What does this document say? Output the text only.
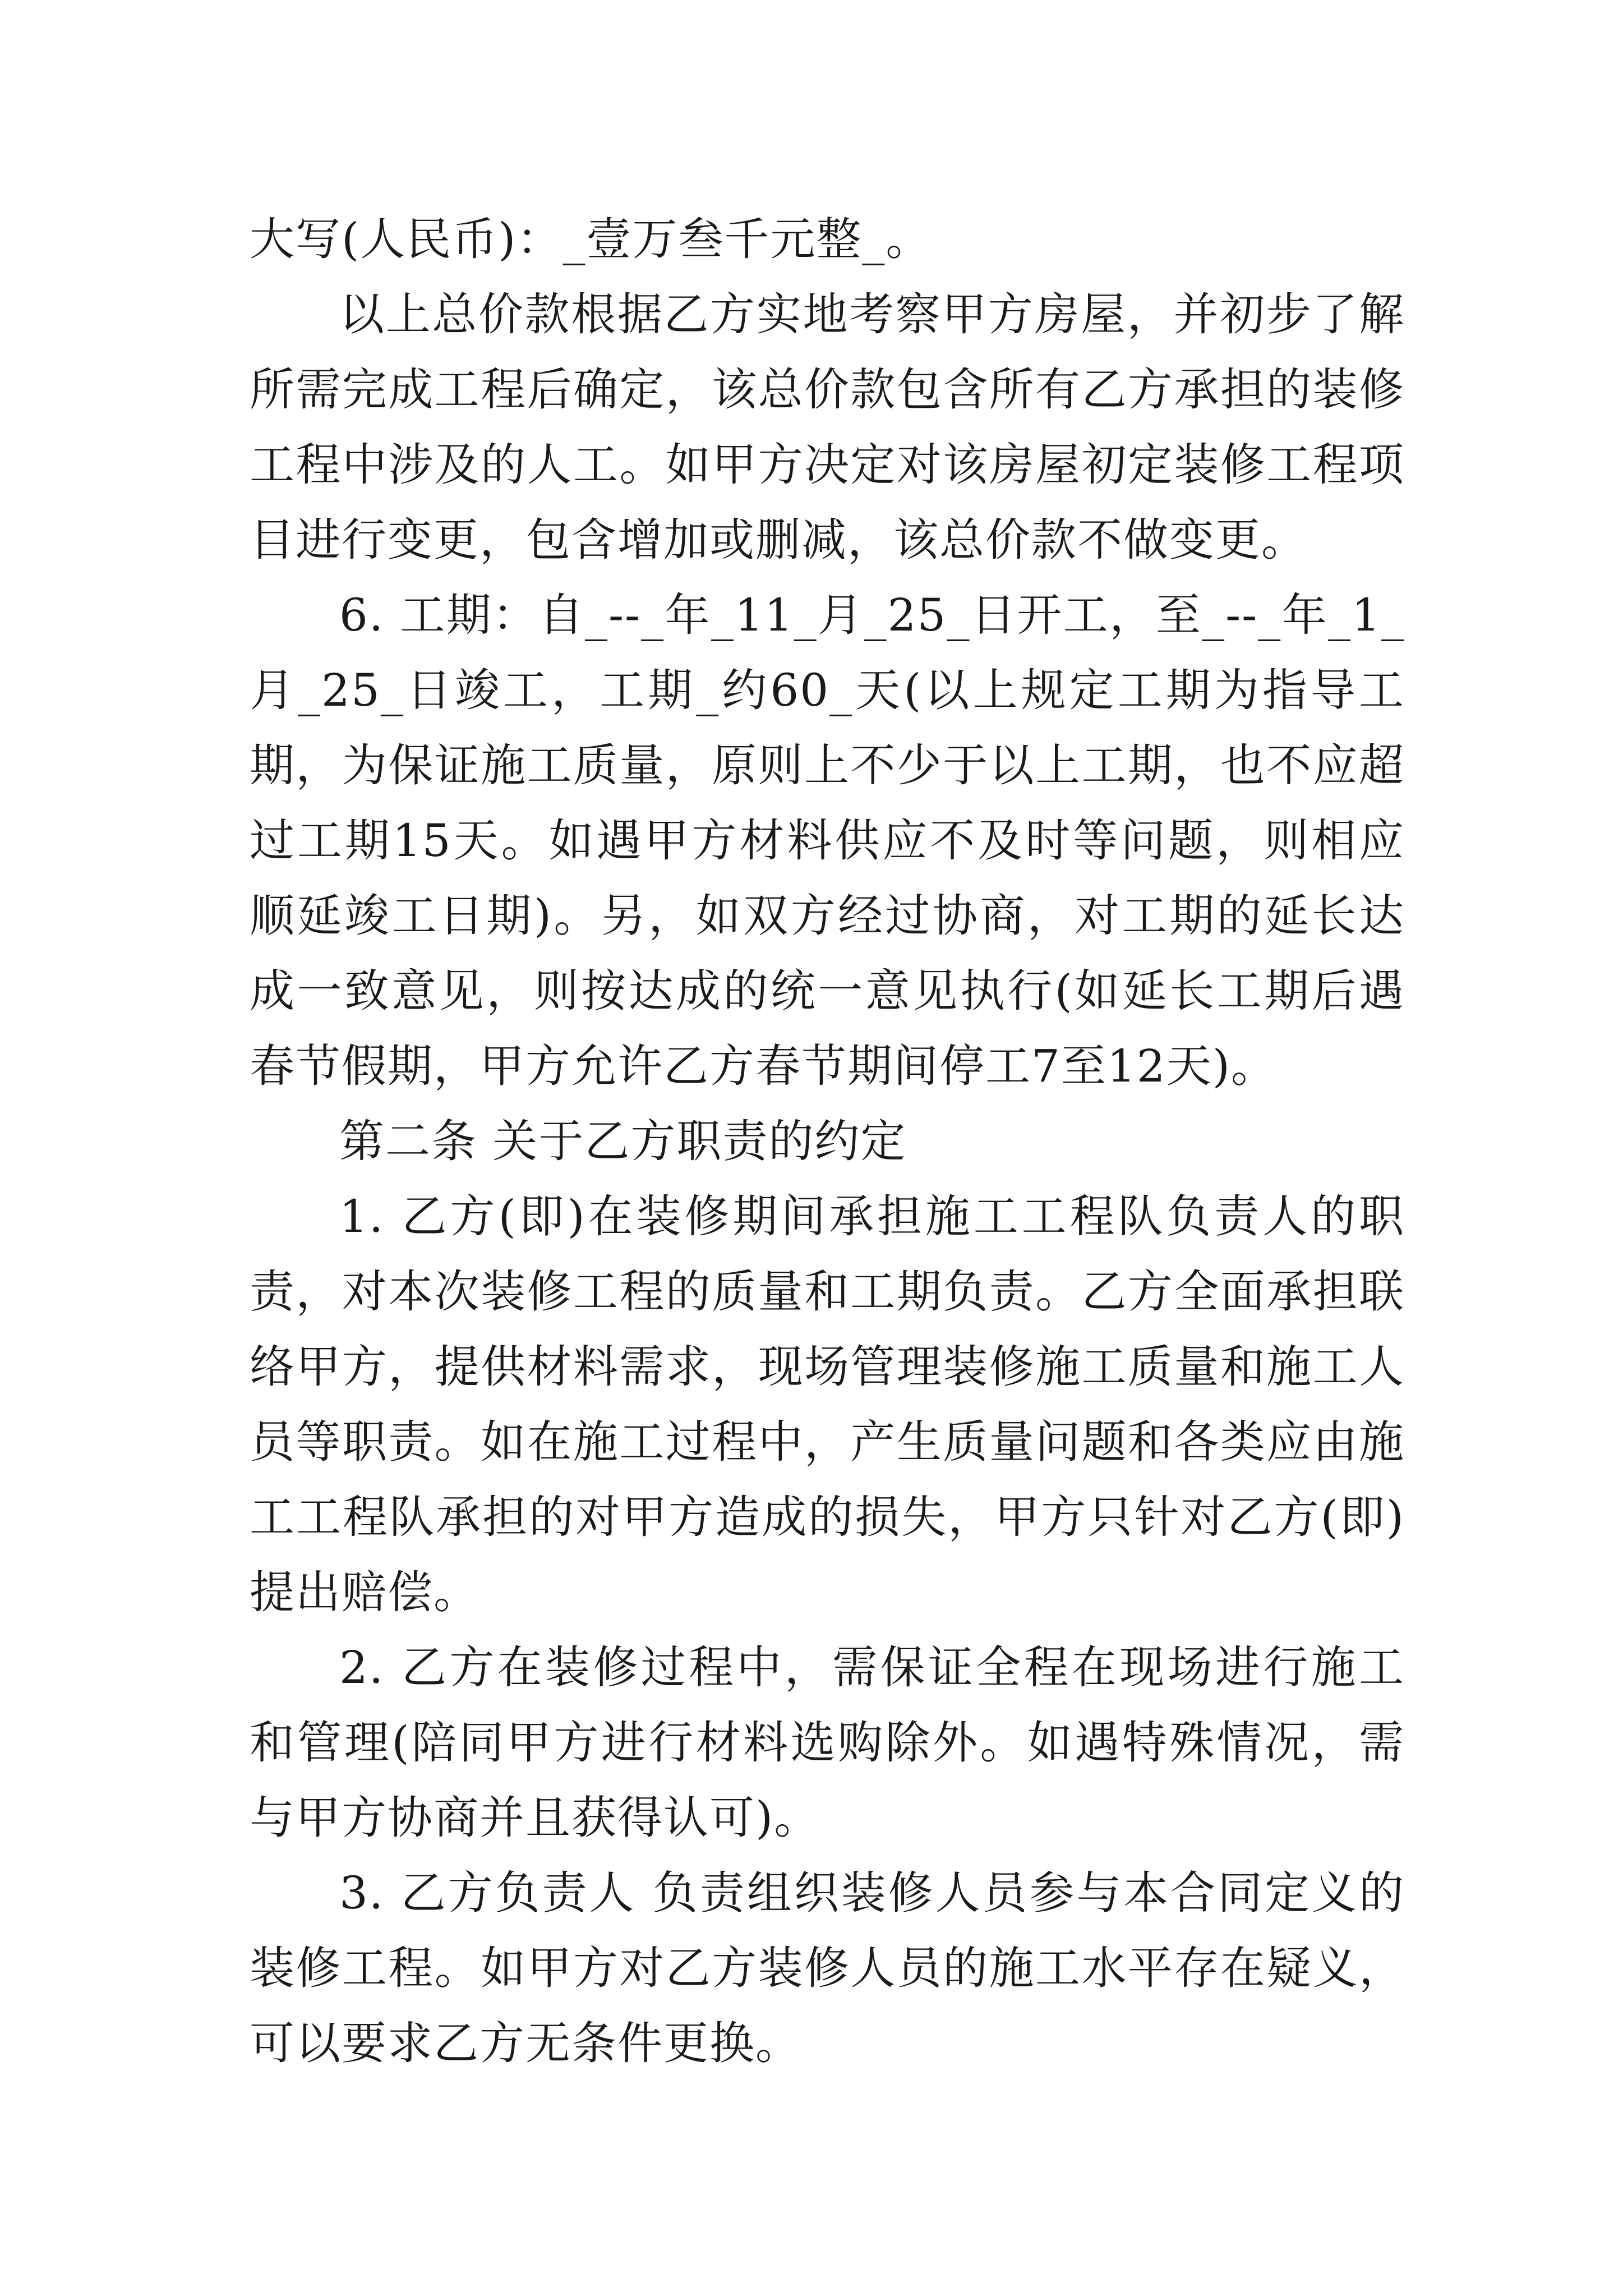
大写(人民币)：_壹万叁千元整_。

以上总价款根据乙方实地考察甲方房屋，并初步了解所需完成工程后确定，该总价款包含所有乙方承担的装修工程中涉及的人工。如甲方决定对该房屋初定装修工程项目进行变更，包含增加或删减，该总价款不做变更。

6. 工期：自_--_年_11_月_25_日开工，至_--_年_1_月_25_日竣工，工期_约60_天(以上规定工期为指导工期，为保证施工质量，原则上不少于以上工期，也不应超过工期15天。如遇甲方材料供应不及时等问题，则相应顺延竣工日期)。另，如双方经过协商，对工期的延长达成一致意见，则按达成的统一意见执行(如延长工期后遇春节假期，甲方允许乙方春节期间停工7至12天)。

第二条 关于乙方职责的约定

1. 乙方(即)在装修期间承担施工工程队负责人的职责，对本次装修工程的质量和工期负责。乙方全面承担联络甲方，提供材料需求，现场管理装修施工质量和施工人员等职责。如在施工过程中，产生质量问题和各类应由施工工程队承担的对甲方造成的损失，甲方只针对乙方(即)提出赔偿。

2. 乙方在装修过程中，需保证全程在现场进行施工和管理(陪同甲方进行材料选购除外。如遇特殊情况，需与甲方协商并且获得认可)。

3. 乙方负责人 负责组织装修人员参与本合同定义的装修工程。如甲方对乙方装修人员的施工水平存在疑义，可以要求乙方无条件更换。
